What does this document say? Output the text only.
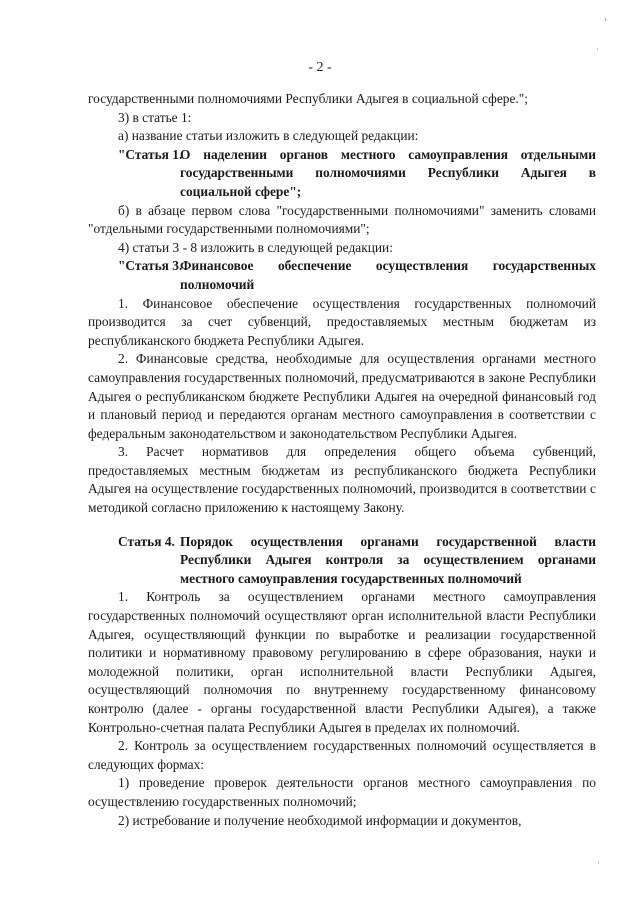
- 2 -

государственными полномочиями Республики Адыгея в социальной сфере.";

3) в статье 1:

а) название статьи изложить в следующей редакции:

"Статья 1.
О наделении органов местного самоуправления отдельными государственными полномочиями Республики Адыгея в социальной сфере";

б) в абзаце первом слова "государственными полномочиями" заменить словами "отдельными государственными полномочиями";

4) статьи 3 - 8 изложить в следующей редакции:

"Статья 3.
Финансовое обеспечение осуществления государственных полномочий

1. Финансовое обеспечение осуществления государственных полномочий производится за счет субвенций, предоставляемых местным бюджетам из республиканского бюджета Республики Адыгея.

2. Финансовые средства, необходимые для осуществления органами местного самоуправления государственных полномочий, предусматриваются в законе Республики Адыгея о республиканском бюджете Республики Адыгея на очередной финансовый год и плановый период и передаются органам местного самоуправления в соответствии с федеральным законодательством и законодательством Республики Адыгея.

3. Расчет нормативов для определения общего объема субвенций, предоставляемых местным бюджетам из республиканского бюджета Республики Адыгея на осуществление государственных полномочий, производится в соответствии с методикой согласно приложению к настоящему Закону.

Статья 4. Порядок осуществления органами государственной власти Республики Адыгея контроля за осуществлением органами местного самоуправления государственных полномочий

1. Контроль за осуществлением органами местного самоуправления государственных полномочий осуществляют орган исполнительной власти Республики Адыгея, осуществляющий функции по выработке и реализации государственной политики и нормативному правовому регулированию в сфере образования, науки и молодежной политики, орган исполнительной власти Республики Адыгея, осуществляющий полномочия по внутреннему государственному финансовому контролю (далее - органы государственной власти Республики Адыгея), а также Контрольно-счетная палата Республики Адыгея в пределах их полномочий.

2. Контроль за осуществлением государственных полномочий осуществляется в следующих формах:

1) проведение проверок деятельности органов местного самоуправления по осуществлению государственных полномочий;

2) истребование и получение необходимой информации и документов,

›
·
·
